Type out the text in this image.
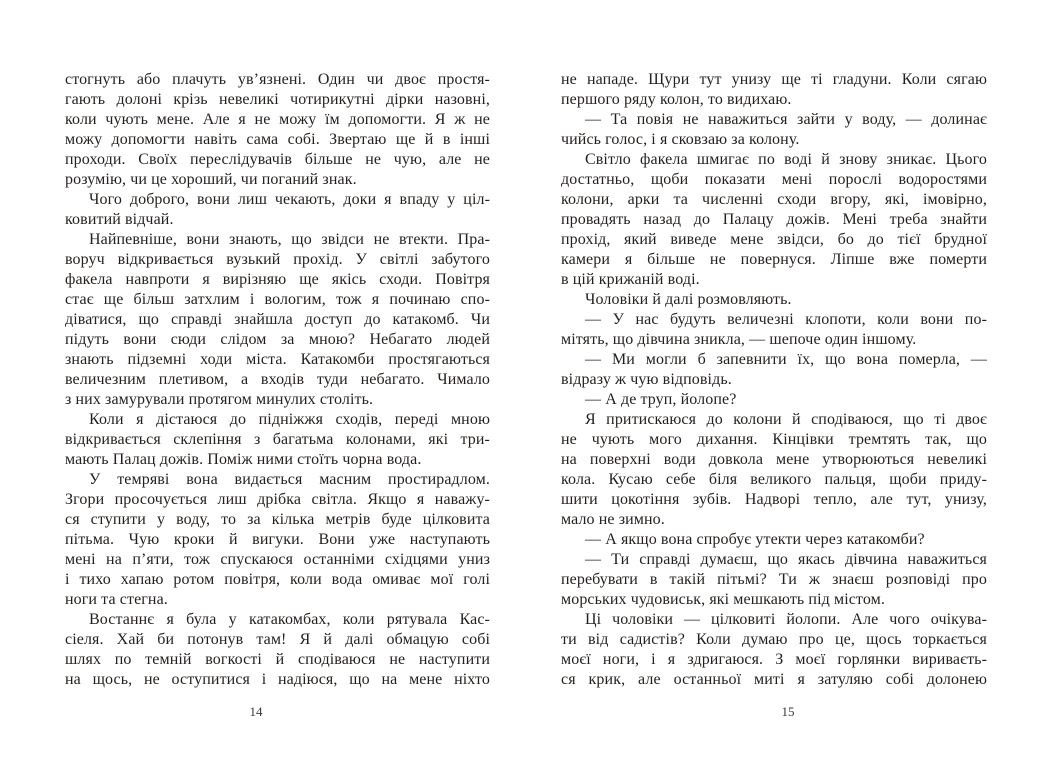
стогнуть або плачуть ув’язнені. Один чи двоє простя-
гають долоні крізь невеликі чотирикутні дірки назовні,
коли чують мене. Але я не можу їм допомогти. Я ж не
можу допомогти навіть сама собі. Звертаю ще й в інші
проходи. Своїх переслідувачів більше не чую, але не
розумію, чи це хороший, чи поганий знак.
Чого доброго, вони лиш чекають, доки я впаду у ціл-
ковитий відчай.
Найпевніше, вони знають, що звідси не втекти. Пра-
воруч відкривається вузький прохід. У світлі забутого
факела навпроти я вирізняю ще якісь сходи. Повітря
стає ще більш затхлим і вологим, тож я починаю спо-
діватися, що справді знайшла доступ до катакомб. Чи
підуть вони сюди слідом за мною? Небагато людей
знають підземні ходи міста. Катакомби простягаються
величезним плетивом, а входів туди небагато. Чимало
з них замурували протягом минулих століть.
Коли я дістаюся до підніжжя сходів, переді мною
відкривається склепіння з багатьма колонами, які три-
мають Палац дожів. Поміж ними стоїть чорна вода.
У темряві вона видається масним простирадлом.
Згори просочується лиш дрібка світла. Якщо я наважу-
ся ступити у воду, то за кілька метрів буде цілковита
пітьма. Чую кроки й вигуки. Вони уже наступають
мені на п’яти, тож спускаюся останніми східцями униз
і тихо хапаю ротом повітря, коли вода омиває мої голі
ноги та стегна.
Востаннє я була у катакомбах, коли рятувала Кас-
сіеля. Хай би потонув там! Я й далі обмацую собі
шлях по темній вогкості й сподіваюся не наступити
на щось, не оступитися і надіюся, що на мене ніхто
14
не нападе. Щури тут унизу ще ті гладуни. Коли сягаю
першого ряду колон, то видихаю.
— Та повія не наважиться зайти у воду, — долинає
чийсь голос, і я сковзаю за колону.
Світло факела шмигає по воді й знову зникає. Цього
достатньо, щоби показати мені порослі водоростями
колони, арки та численні сходи вгору, які, імовірно,
провадять назад до Палацу дожів. Мені треба знайти
прохід, який виведе мене звідси, бо до тієї брудної
камери я більше не повернуся. Ліпше вже померти
в цій крижаній воді.
Чоловіки й далі розмовляють.
— У нас будуть величезні клопоти, коли вони по-
мітять, що дівчина зникла, — шепоче один іншому.
— Ми могли б запевнити їх, що вона померла, —
відразу ж чую відповідь.
— А де труп, йолопе?
Я притискаюся до колони й сподіваюся, що ті двоє
не чують мого дихання. Кінцівки тремтять так, що
на поверхні води довкола мене утворюються невеликі
кола. Кусаю себе біля великого пальця, щоби приду-
шити цокотіння зубів. Надворі тепло, але тут, унизу,
мало не зимно.
— А якщо вона спробує утекти через катакомби?
— Ти справді думаєш, що якась дівчина наважиться
перебувати в такій пітьмі? Ти ж знаєш розповіді про
морських чудовиськ, які мешкають під містом.
Ці чоловіки — цілковиті йолопи. Але чого очікува-
ти від садистів? Коли думаю про це, щось торкається
моєї ноги, і я здригаюся. З моєї горлянки вириваєть-
ся крик, але останньої миті я затуляю собі долонею
15
